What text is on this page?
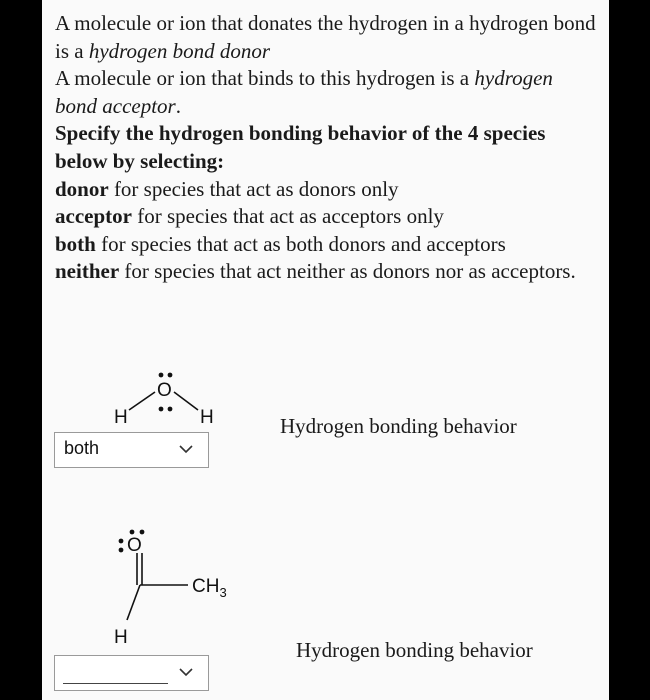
A molecule or ion that donates the hydrogen in a hydrogen bond is a hydrogen bond donor

A molecule or ion that binds to this hydrogen is a hydrogen bond acceptor.

Specify the hydrogen bonding behavior of the 4 species below by selecting:

donor for species that act as donors only

acceptor for species that act as acceptors only

both for species that act as both donors and acceptors

neither for species that act neither as donors nor as acceptors.

O
H	H	Hydrogen bonding behavior
both
O
$CH_3$
H
Hydrogen bonding behavior
